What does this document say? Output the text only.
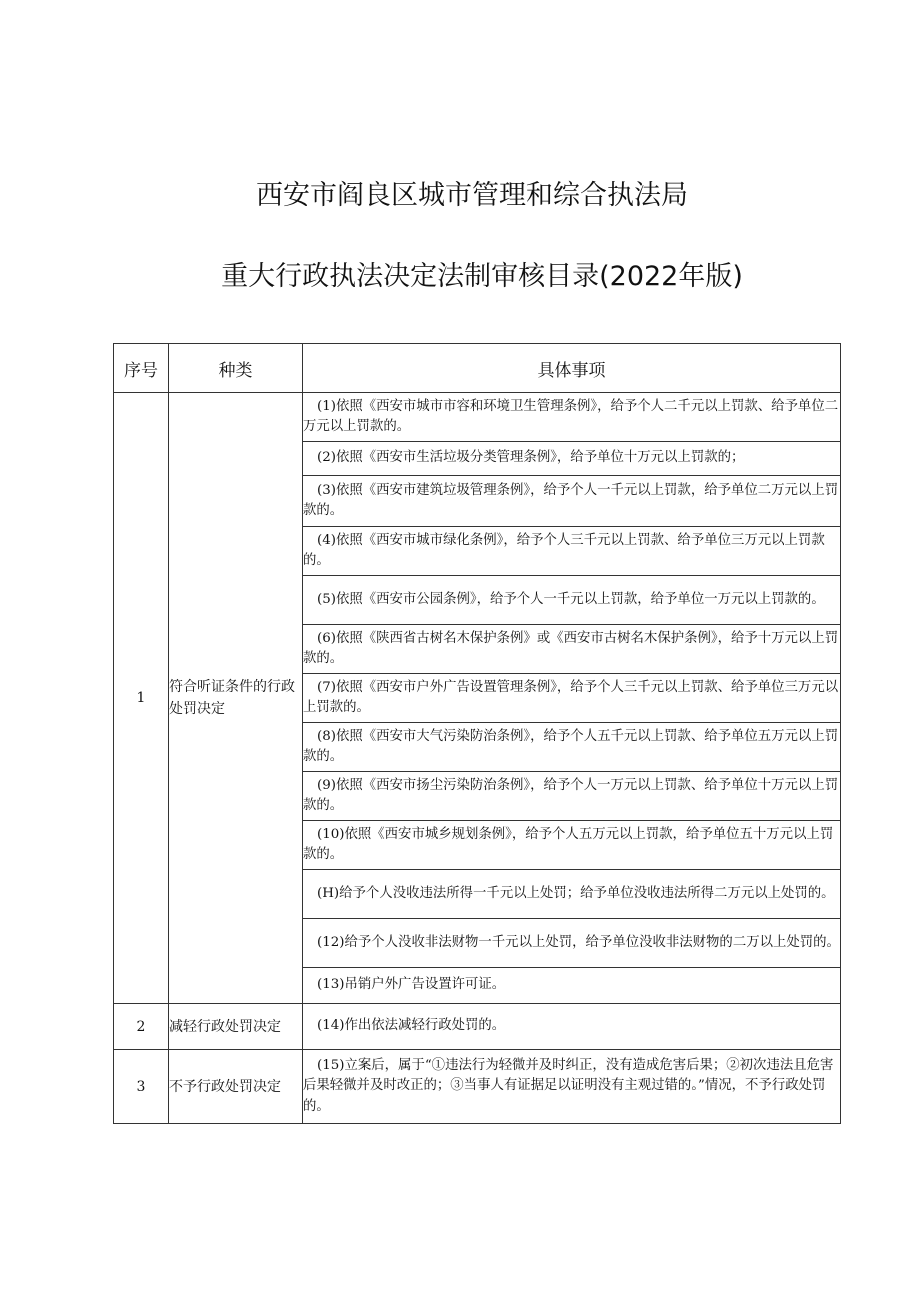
西安市阎良区城市管理和综合执法局
重大行政执法决定法制审核目录(2022年版)
序号	种类	具体事项
1	符合听证条件的行政处罚决定	(1)依照《西安市城市市容和环境卫生管理条例》，给予个人二千元以上罚款、给予单位二万元以上罚款的。
		(2)依照《西安市生活垃圾分类管理条例》，给予单位十万元以上罚款的；
		(3)依照《西安市建筑垃圾管理条例》，给予个人一千元以上罚款，给予单位二万元以上罚款的。
		(4)依照《西安市城市绿化条例》，给予个人三千元以上罚款、给予单位三万元以上罚款的。
		(5)依照《西安市公园条例》，给予个人一千元以上罚款，给予单位一万元以上罚款的。
		(6)依照《陕西省古树名木保护条例》或《西安市古树名木保护条例》，给予十万元以上罚款的。
		(7)依照《西安市户外广告设置管理条例》，给予个人三千元以上罚款、给予单位三万元以上罚款的。
		(8)依照《西安市大气污染防治条例》，给予个人五千元以上罚款、给予单位五万元以上罚款的。
		(9)依照《西安市扬尘污染防治条例》，给予个人一万元以上罚款、给予单位十万元以上罚款的。
		(10)依照《西安市城乡规划条例》，给予个人五万元以上罚款，给予单位五十万元以上罚款的。
		(H)给予个人没收违法所得一千元以上处罚；给予单位没收违法所得二万元以上处罚的。
		(12)给予个人没收非法财物一千元以上处罚，给予单位没收非法财物的二万以上处罚的。
		(13)吊销户外广告设置许可证。
2	减轻行政处罚决定	(14)作出依法减轻行政处罚的。
3	不予行政处罚决定	(15)立案后，属于“①违法行为轻微并及时纠正，没有造成危害后果；②初次违法且危害后果轻微并及时改正的；③当事人有证据足以证明没有主观过错的。”情况，不予行政处罚的。
